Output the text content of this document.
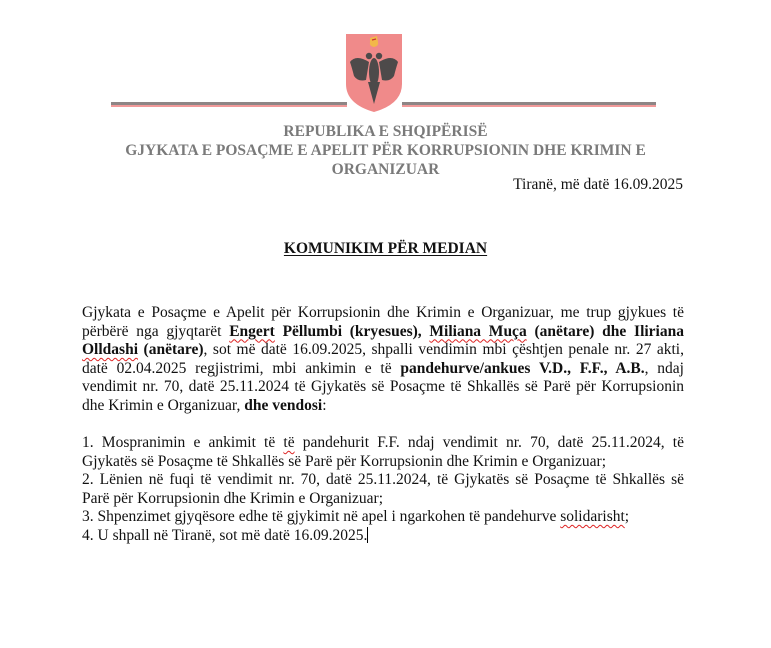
REPUBLIKA E SHQIPËRISË
GJYKATA E POSAÇME E APELIT PËR KORRUPSIONIN DHE KRIMIN E
ORGANIZUAR
Tiranë, më datë 16.09.2025
KOMUNIKIM PËR MEDIAN
Gjykata e Posaçme e Apelit për Korrupsionin dhe Krimin e Organizuar, me trup gjykues të
përbërë nga gjyqtarët Engert Pëllumbi (kryesues), Miliana Muça (anëtare) dhe Iliriana
Olldashi (anëtare), sot më datë 16.09.2025, shpalli vendimin mbi çështjen penale nr. 27 akti,
datë 02.04.2025 regjistrimi, mbi ankimin e të pandehurve/ankues V.D., F.F., A.B., ndaj
vendimit nr. 70, datë 25.11.2024 të Gjykatës së Posaçme të Shkallës së Parë për Korrupsionin
dhe Krimin e Organizuar, dhe vendosi:
1. Mospranimin e ankimit të të pandehurit F.F. ndaj vendimit nr. 70, datë 25.11.2024, të
Gjykatës së Posaçme të Shkallës së Parë për Korrupsionin dhe Krimin e Organizuar;
2. Lënien në fuqi të vendimit nr. 70, datë 25.11.2024, të Gjykatës së Posaçme të Shkallës së
Parë për Korrupsionin dhe Krimin e Organizuar;
3. Shpenzimet gjyqësore edhe të gjykimit në apel i ngarkohen të pandehurve solidarisht;
4. U shpall në Tiranë, sot më datë 16.09.2025.
